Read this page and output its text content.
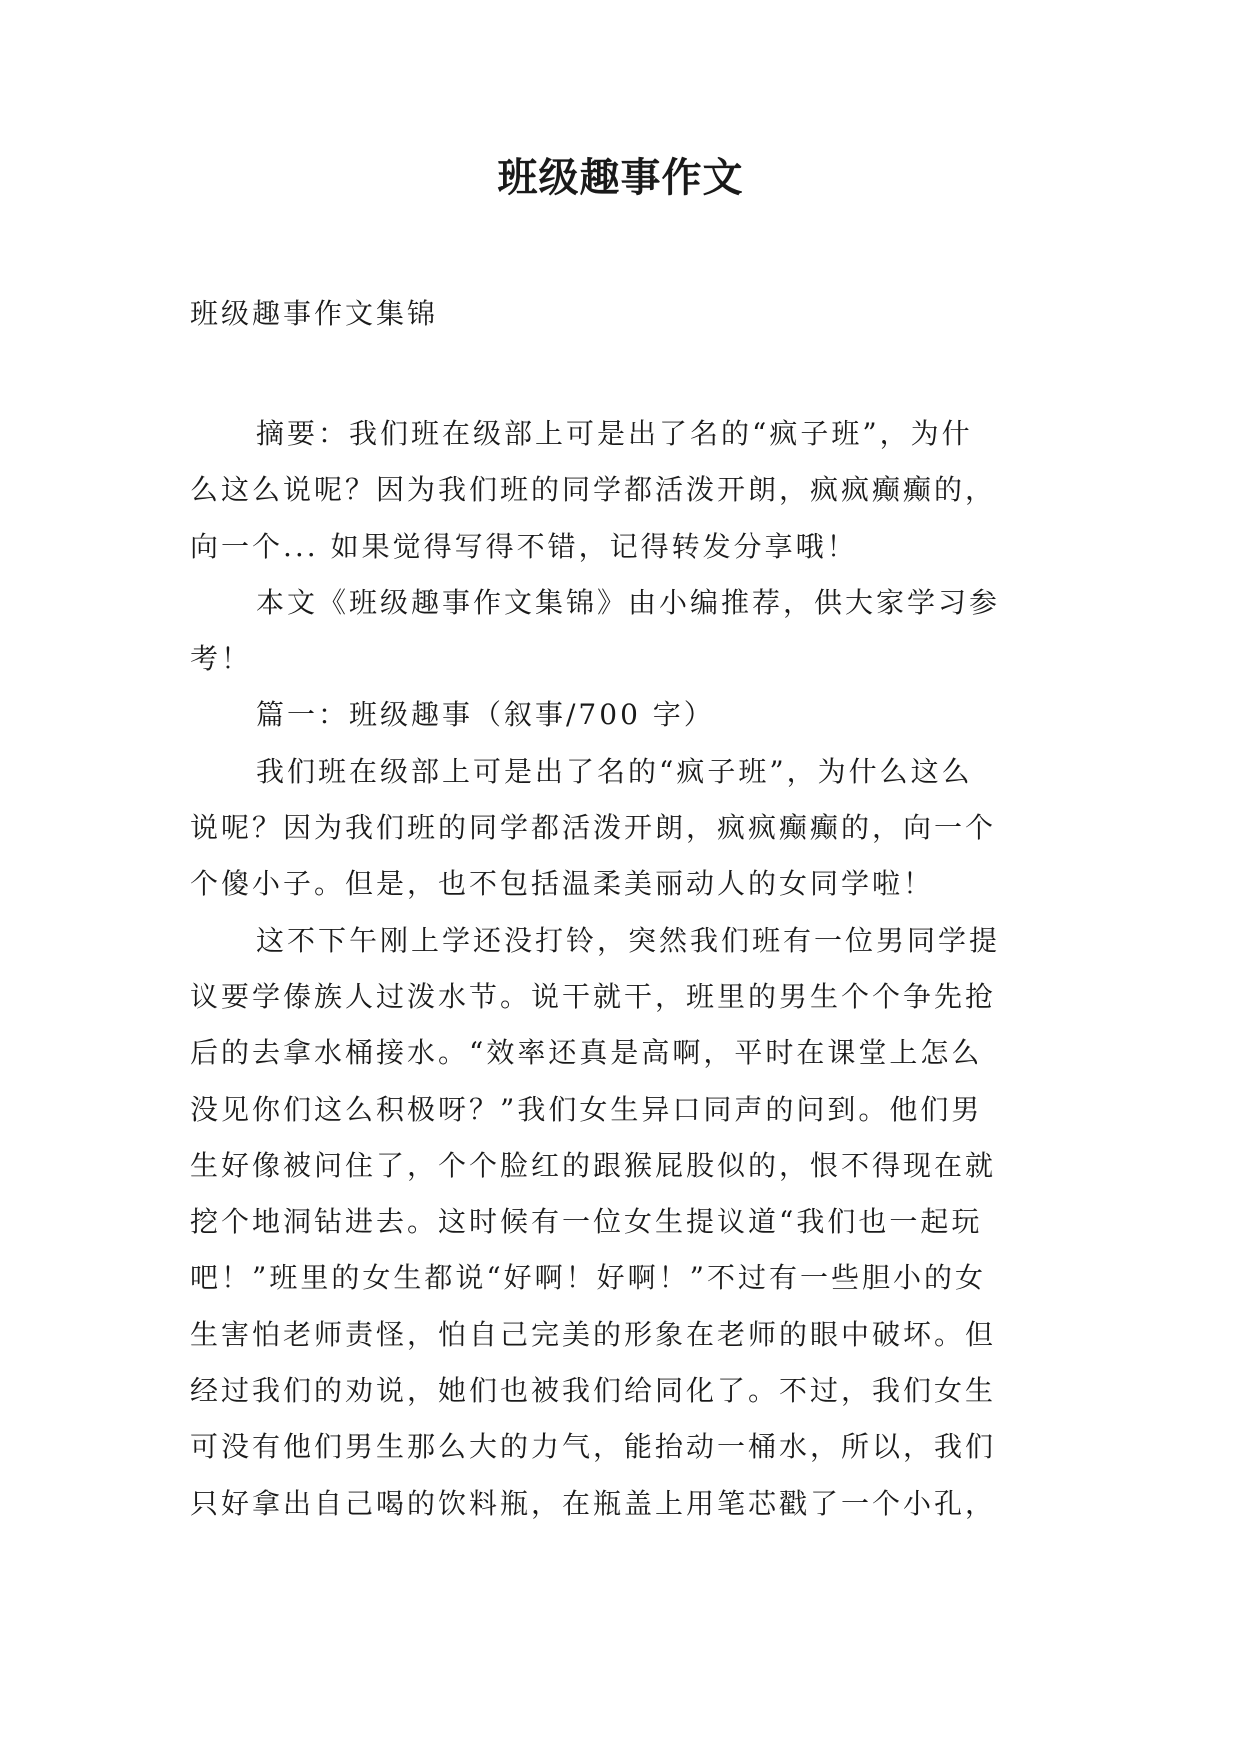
班级趣事作文

班级趣事作文集锦

摘要：我们班在级部上可是出了名的“疯子班”，为什
么这么说呢？因为我们班的同学都活泼开朗，疯疯癫癫的，
向一个... 如果觉得写得不错，记得转发分享哦！
本文《班级趣事作文集锦》由小编推荐，供大家学习参
考！
篇一：班级趣事（叙事/700 字）
我们班在级部上可是出了名的“疯子班”，为什么这么
说呢？因为我们班的同学都活泼开朗，疯疯癫癫的，向一个
个傻小子。但是，也不包括温柔美丽动人的女同学啦！
这不下午刚上学还没打铃，突然我们班有一位男同学提
议要学傣族人过泼水节。说干就干，班里的男生个个争先抢
后的去拿水桶接水。“效率还真是高啊，平时在课堂上怎么
没见你们这么积极呀？”我们女生异口同声的问到。他们男
生好像被问住了，个个脸红的跟猴屁股似的，恨不得现在就
挖个地洞钻进去。这时候有一位女生提议道“我们也一起玩
吧！”班里的女生都说“好啊！好啊！”不过有一些胆小的女
生害怕老师责怪，怕自己完美的形象在老师的眼中破坏。但
经过我们的劝说，她们也被我们给同化了。不过，我们女生
可没有他们男生那么大的力气，能抬动一桶水，所以，我们
只好拿出自己喝的饮料瓶，在瓶盖上用笔芯戳了一个小孔，
